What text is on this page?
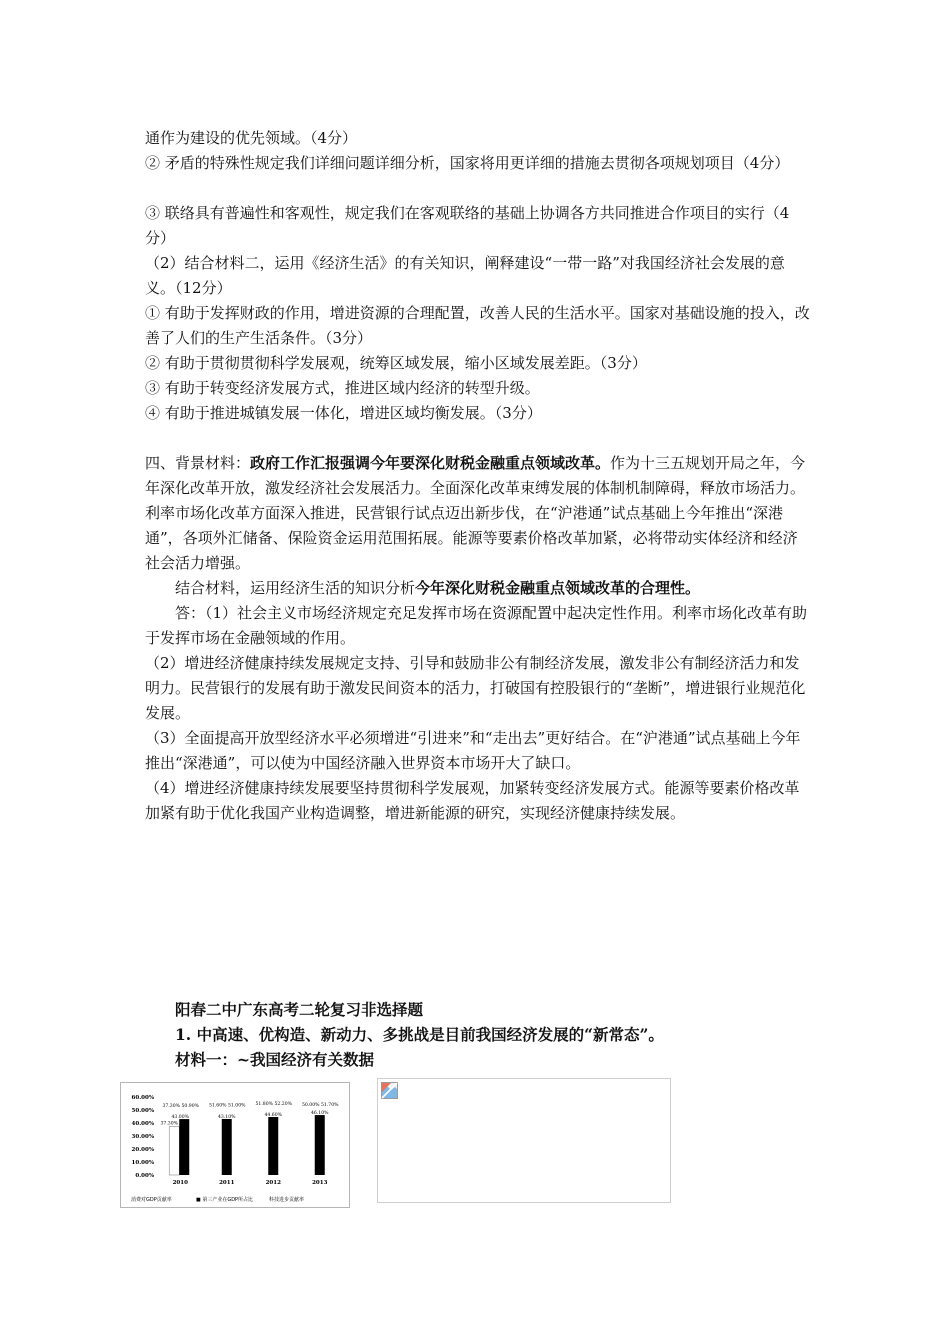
通作为建设的优先领域。（4分）

② 矛盾的特殊性规定我们详细问题详细分析，国家将用更详细的措施去贯彻各项规划项目（4分）

③ 联络具有普遍性和客观性，规定我们在客观联络的基础上协调各方共同推进合作项目的实行（4分）

（2）结合材料二，运用《经济生活》的有关知识，阐释建设“一带一路”对我国经济社会发展的意义。（12分）

① 有助于发挥财政的作用，增进资源的合理配置，改善人民的生活水平。国家对基础设施的投入，改善了人们的生产生活条件。（3分）

② 有助于贯彻贯彻科学发展观，统筹区域发展，缩小区域发展差距。（3分）

③ 有助于转变经济发展方式，推进区域内经济的转型升级。

④ 有助于推进城镇发展一体化，增进区域均衡发展。（3分）

四、背景材料：政府工作汇报强调今年要深化财税金融重点领域改革。作为十三五规划开局之年，今年深化改革开放，激发经济社会发展活力。全面深化改革束缚发展的体制机制障碍，释放市场活力。利率市场化改革方面深入推进，民营银行试点迈出新步伐，在“沪港通”试点基础上今年推出“深港通”，各项外汇储备、保险资金运用范围拓展。能源等要素价格改革加紧，必将带动实体经济和经济社会活力增强。

结合材料，运用经济生活的知识分析今年深化财税金融重点领域改革的合理性。

答：（1）社会主义市场经济规定充足发挥市场在资源配置中起决定性作用。利率市场化改革有助于发挥市场在金融领域的作用。

（2）增进经济健康持续发展规定支持、引导和鼓励非公有制经济发展，激发非公有制经济活力和发明力。民营银行的发展有助于激发民间资本的活力，打破国有控股银行的“垄断”，增进银行业规范化发展。

（3）全面提高开放型经济水平必须增进“引进来”和“走出去”更好结合。在“沪港通”试点基础上今年推出“深港通”，可以使为中国经济融入世界资本市场开大了缺口。

（4）增进经济健康持续发展要坚持贯彻科学发展观，加紧转变经济发展方式。能源等要素价格改革加紧有助于优化我国产业构造调整，增进新能源的研究，实现经济健康持续发展。

阳春二中广东高考二轮复习非选择题

1. 中高速、优构造、新动力、多挑战是目前我国经济发展的“新常态”。

材料一：~我国经济有关数据

60.00%
50.00%
40.00%
30.00%
20.00%
10.00%
0.00%
37.30% 50.90%
43.00%
37.30%
2010
51.60% 51.00%
43.10%
2011
51.80% 52.20%
44.60%
2012
50.00% 51.70%
46.10%
2013
消费对GDP贡献率	■ 第三产业在GDP所占比	科技进步贡献率
